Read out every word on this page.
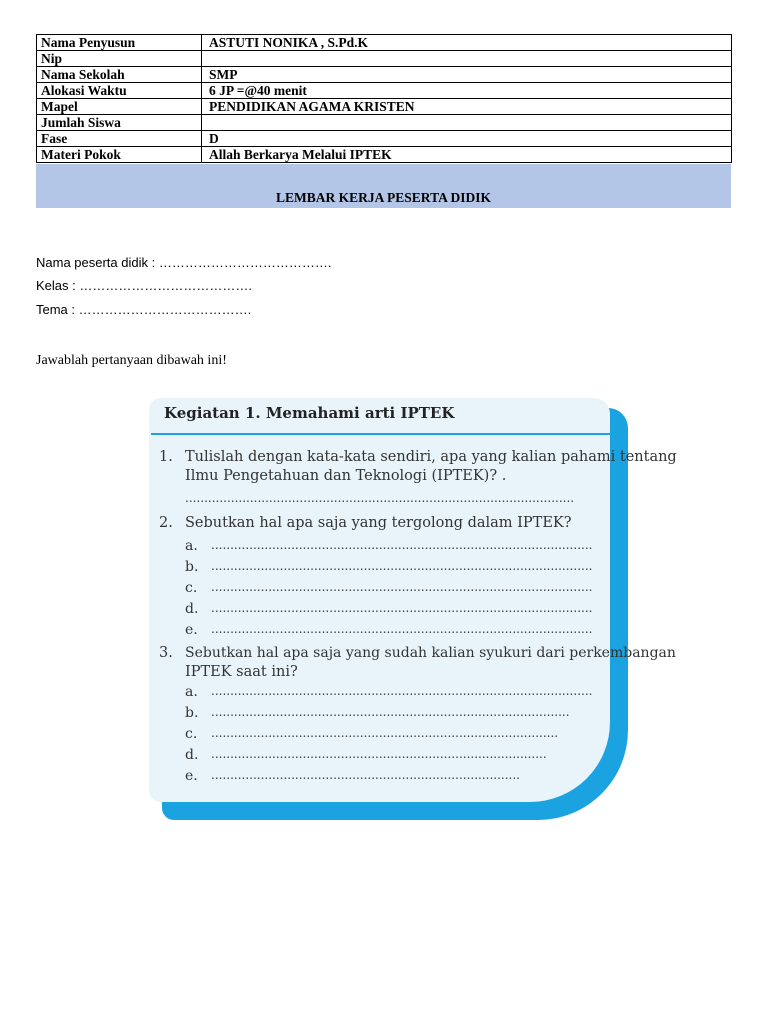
Nama Penyusun	ASTUTI NONIKA , S.Pd.K
Nip	
Nama Sekolah	SMP
Alokasi Waktu	6 JP =@40 menit
Mapel	PENDIDIKAN AGAMA KRISTEN
Jumlah Siswa	
Fase	D
Materi Pokok	Allah Berkarya Melalui IPTEK
LEMBAR KERJA PESERTA DIDIK
Nama peserta didik : ………………………………….
Kelas : ………………………………….
Tema : ………………………………….
Jawablah pertanyaan dibawah ini!
Kegiatan 1. Memahami arti IPTEK
1. Tulislah dengan kata-kata sendiri, apa yang kalian pahami tentang
Ilmu Pengetahuan dan Teknologi (IPTEK)? .
......................................................................................................
2. Sebutkan hal apa saja yang tergolong dalam IPTEK?
a. ....................................................................................................
b. ....................................................................................................
c. ....................................................................................................
d. ....................................................................................................
e. ....................................................................................................
3. Sebutkan hal apa saja yang sudah kalian syukuri dari perkembangan
IPTEK saat ini?
a. ....................................................................................................
b. ..............................................................................................
c. ...........................................................................................
d. ........................................................................................
e. .................................................................................
